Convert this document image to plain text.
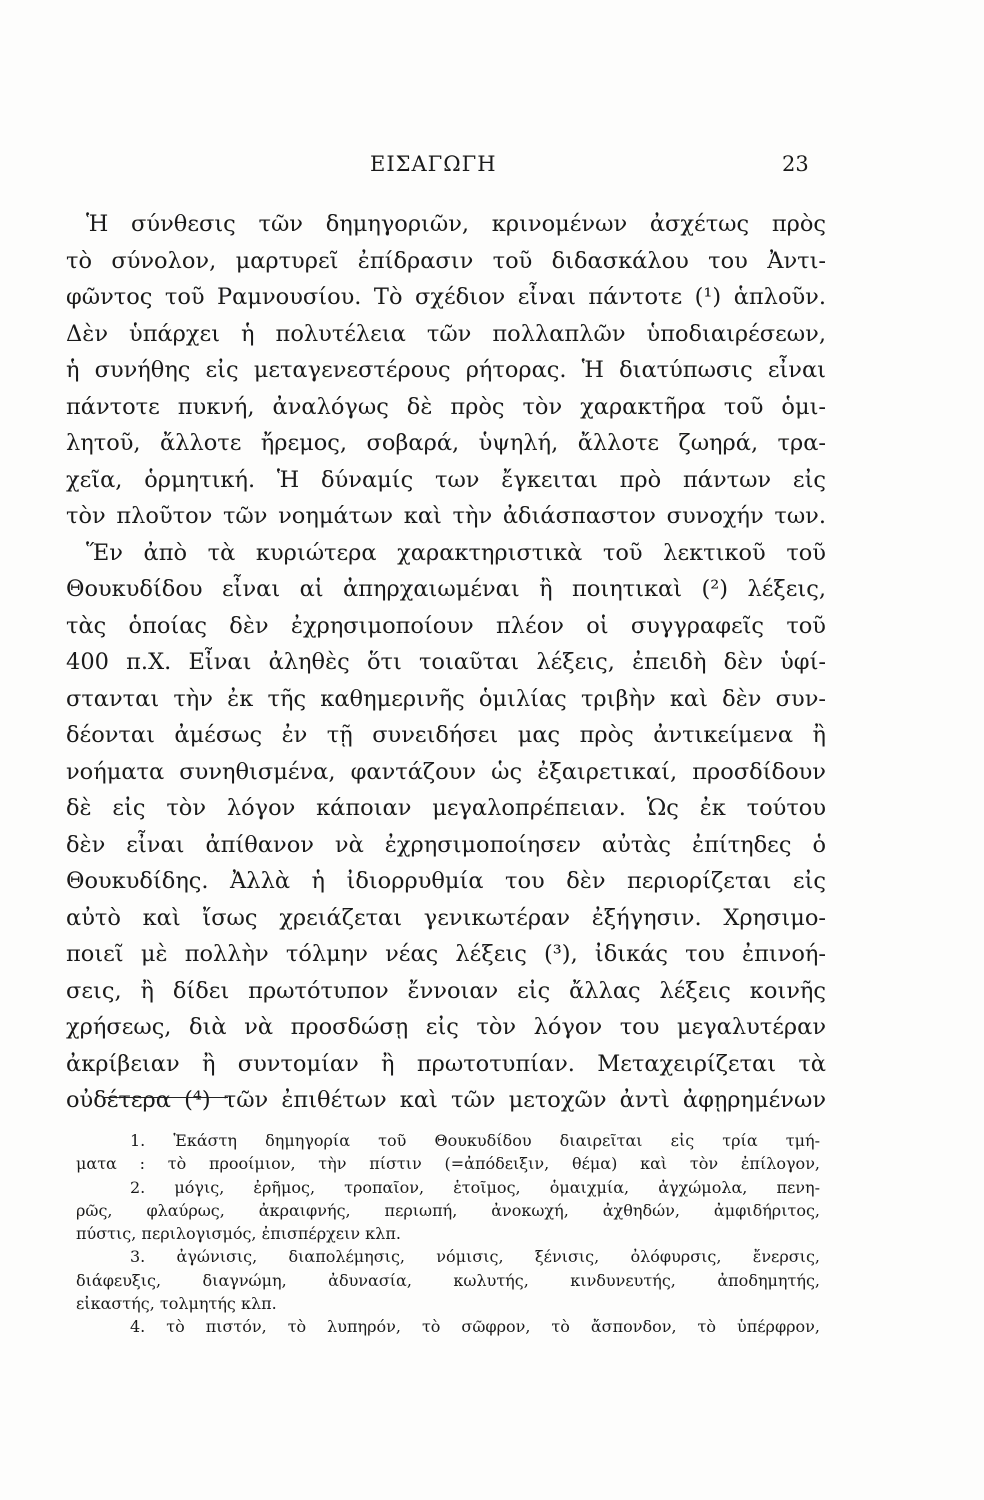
ΕΙΣΑΓΩΓΗ	23
Ἡ σύνθεσις τῶν δημηγοριῶν, κρινομένων ἀσχέτως πρὸς
τὸ σύνολον, μαρτυρεῖ ἐπίδρασιν τοῦ διδασκάλου του Ἀντι-
φῶντος τοῦ Ραμνουσίου. Τὸ σχέδιον εἶναι πάντοτε (¹) ἁπλοῦν.
Δὲν ὑπάρχει ἡ πολυτέλεια τῶν πολλαπλῶν ὑποδιαιρέσεων,
ἡ συνήθης εἰς μεταγενεστέρους ρήτορας. Ἡ διατύπωσις εἶναι
πάντοτε πυκνή, ἀναλόγως δὲ πρὸς τὸν χαρακτῆρα τοῦ ὁμι-
λητοῦ, ἄλλοτε ἤρεμος, σοβαρά, ὑψηλή, ἄλλοτε ζωηρά, τρα-
χεῖα, ὁρμητική. Ἡ δύναμίς των ἔγκειται πρὸ πάντων εἰς
τὸν πλοῦτον τῶν νοημάτων καὶ τὴν ἀδιάσπαστον συνοχήν των.
Ἕν ἀπὸ τὰ κυριώτερα χαρακτηριστικὰ τοῦ λεκτικοῦ τοῦ
Θουκυδίδου εἶναι αἱ ἀπηρχαιωμέναι ἢ ποιητικαὶ (²) λέξεις,
τὰς ὁποίας δὲν ἐχρησιμοποίουν πλέον οἱ συγγραφεῖς τοῦ
400 π.Χ. Εἶναι ἀληθὲς ὅτι τοιαῦται λέξεις, ἐπειδὴ δὲν ὑφί-
στανται τὴν ἐκ τῆς καθημερινῆς ὁμιλίας τριβὴν καὶ δὲν συν-
δέονται ἀμέσως ἐν τῇ συνειδήσει μας πρὸς ἀντικείμενα ἢ
νοήματα συνηθισμένα, φαντάζουν ὡς ἐξαιρετικαί, προσδίδουν
δὲ εἰς τὸν λόγον κάποιαν μεγαλοπρέπειαν. Ὡς ἐκ τούτου
δὲν εἶναι ἀπίθανον νὰ ἐχρησιμοποίησεν αὐτὰς ἐπίτηδες ὁ
Θουκυδίδης. Ἀλλὰ ἡ ἰδιορρυθμία του δὲν περιορίζεται εἰς
αὐτὸ καὶ ἴσως χρειάζεται γενικωτέραν ἐξήγησιν. Χρησιμο-
ποιεῖ μὲ πολλὴν τόλμην νέας λέξεις (³), ἰδικάς του ἐπινοή-
σεις, ἢ δίδει πρωτότυπον ἔννοιαν εἰς ἄλλας λέξεις κοινῆς
χρήσεως, διὰ νὰ προσδώσῃ εἰς τὸν λόγον του μεγαλυτέραν
ἀκρίβειαν ἢ συντομίαν ἢ πρωτοτυπίαν. Μεταχειρίζεται τὰ
οὐδέτερα (⁴) τῶν ἐπιθέτων καὶ τῶν μετοχῶν ἀντὶ ἀφῃρημένων
1. Ἑκάστη δημηγορία τοῦ Θουκυδίδου διαιρεῖται εἰς τρία τμή-
ματα : τὸ προοίμιον, τὴν πίστιν (=ἀπόδειξιν, θέμα) καὶ τὸν ἐπίλογον,
2. μόγις, ἐρῆμος, τροπαῖον, ἑτοῖμος, ὁμαιχμία, ἀγχώμολα, πενη-
ρῶς, φλαύρως, ἀκραιφνής, περιωπή, ἀνοκωχή, ἀχθηδών, ἀμφιδήριτος,
πύστις, περιλογισμός, ἐπισπέρχειν κλπ.
3. ἀγώνισις, διαπολέμησις, νόμισις, ξένισις, ὀλόφυρσις, ἔνερσις,
διάφευξις, διαγνώμη, ἀδυνασία, κωλυτής, κινδυνευτής, ἀποδημητής,
εἰκαστής, τολμητής κλπ.
4. τὸ πιστόν, τὸ λυπηρόν, τὸ σῶφρον, τὸ ἄσπονδον, τὸ ὑπέρφρον,
